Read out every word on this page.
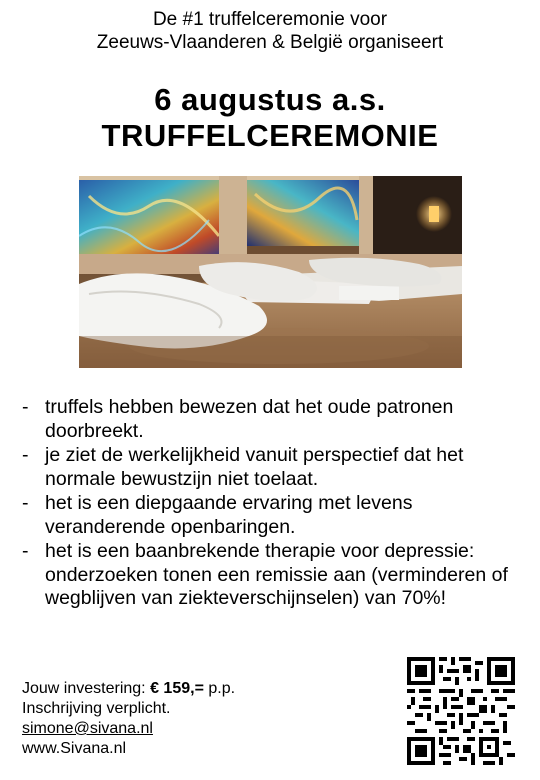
De #1 truffelceremonie voor
Zeeuws-Vlaanderen & België organiseert
6 augustus a.s.
TRUFFELCEREMONIE
- truffels hebben bewezen dat het oude patronen doorbreekt.
- je ziet de werkelijkheid vanuit perspectief dat het normale bewustzijn niet toelaat.
- het is een diepgaande ervaring met levens veranderende openbaringen.
- het is een baanbrekende therapie voor depressie: onderzoeken tonen een remissie aan (verminderen of wegblijven van ziekteverschijnselen) van 70%!
Jouw investering: € 159,= p.p.
Inschrijving verplicht.
simone@sivana.nl
www.Sivana.nl
